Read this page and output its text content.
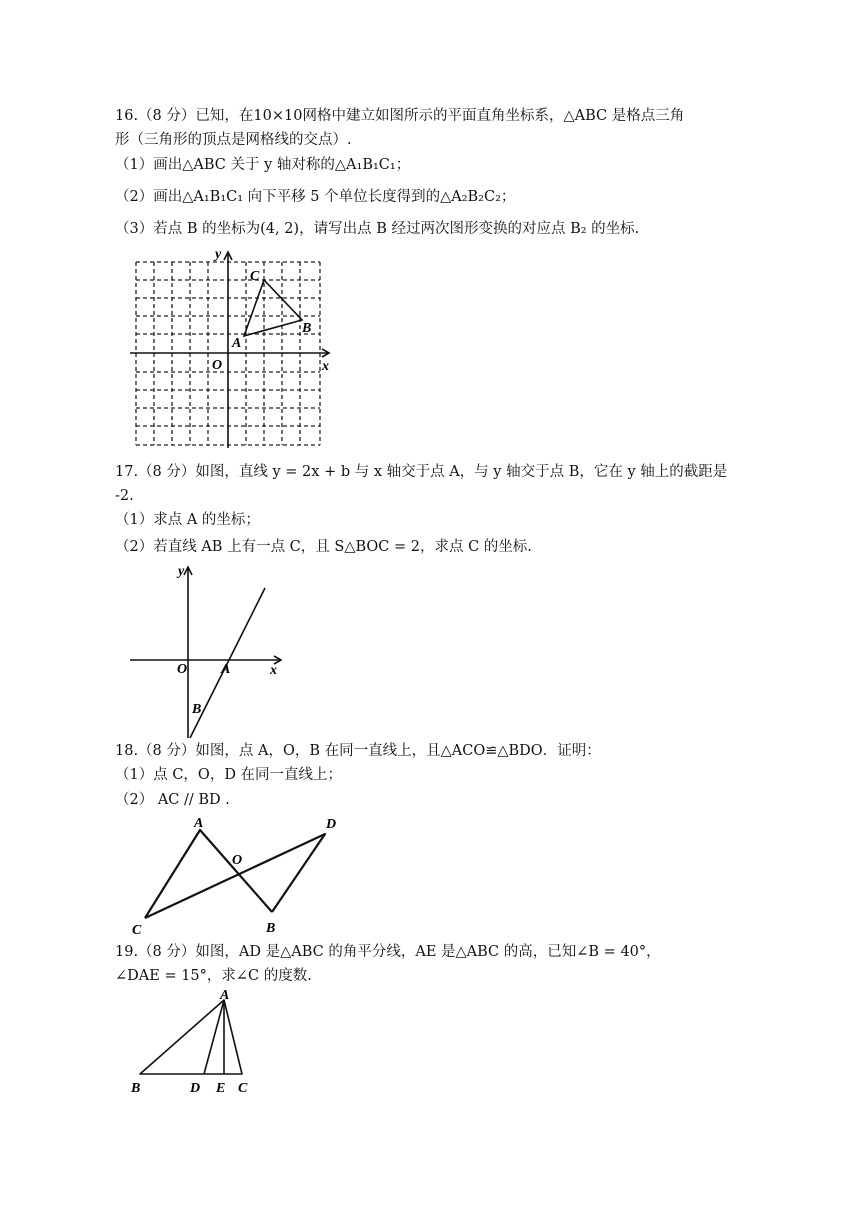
16.（8 分）已知，在10×10网格中建立如图所示的平面直角坐标系，△ABC 是格点三角
形（三角形的顶点是网格线的交点）.
（1）画出△ABC 关于 y 轴对称的△A₁B₁C₁；
（2）画出△A₁B₁C₁ 向下平移 5 个单位长度得到的△A₂B₂C₂；
（3）若点 B 的坐标为(4, 2)，请写出点 B 经过两次图形变换的对应点 B₂ 的坐标.
y
x
O
A
B
C
17.（8 分）如图，直线 y = 2x + b 与 x 轴交于点 A，与 y 轴交于点 B，它在 y 轴上的截距是
-2.
（1）求点 A 的坐标；
（2）若直线 AB 上有一点 C，且 S△BOC = 2，求点 C 的坐标.
y
x
O A
B
18.（8 分）如图，点 A，O，B 在同一直线上，且△ACO≌△BDO．证明：
（1）点 C，O，D 在同一直线上；
（2） AC // BD .
A	D
O
C	B
19.（8 分）如图，AD 是△ABC 的角平分线，AE 是△ABC 的高，已知∠B = 40°，
∠DAE = 15°，求∠C 的度数.
A
B	D E C
